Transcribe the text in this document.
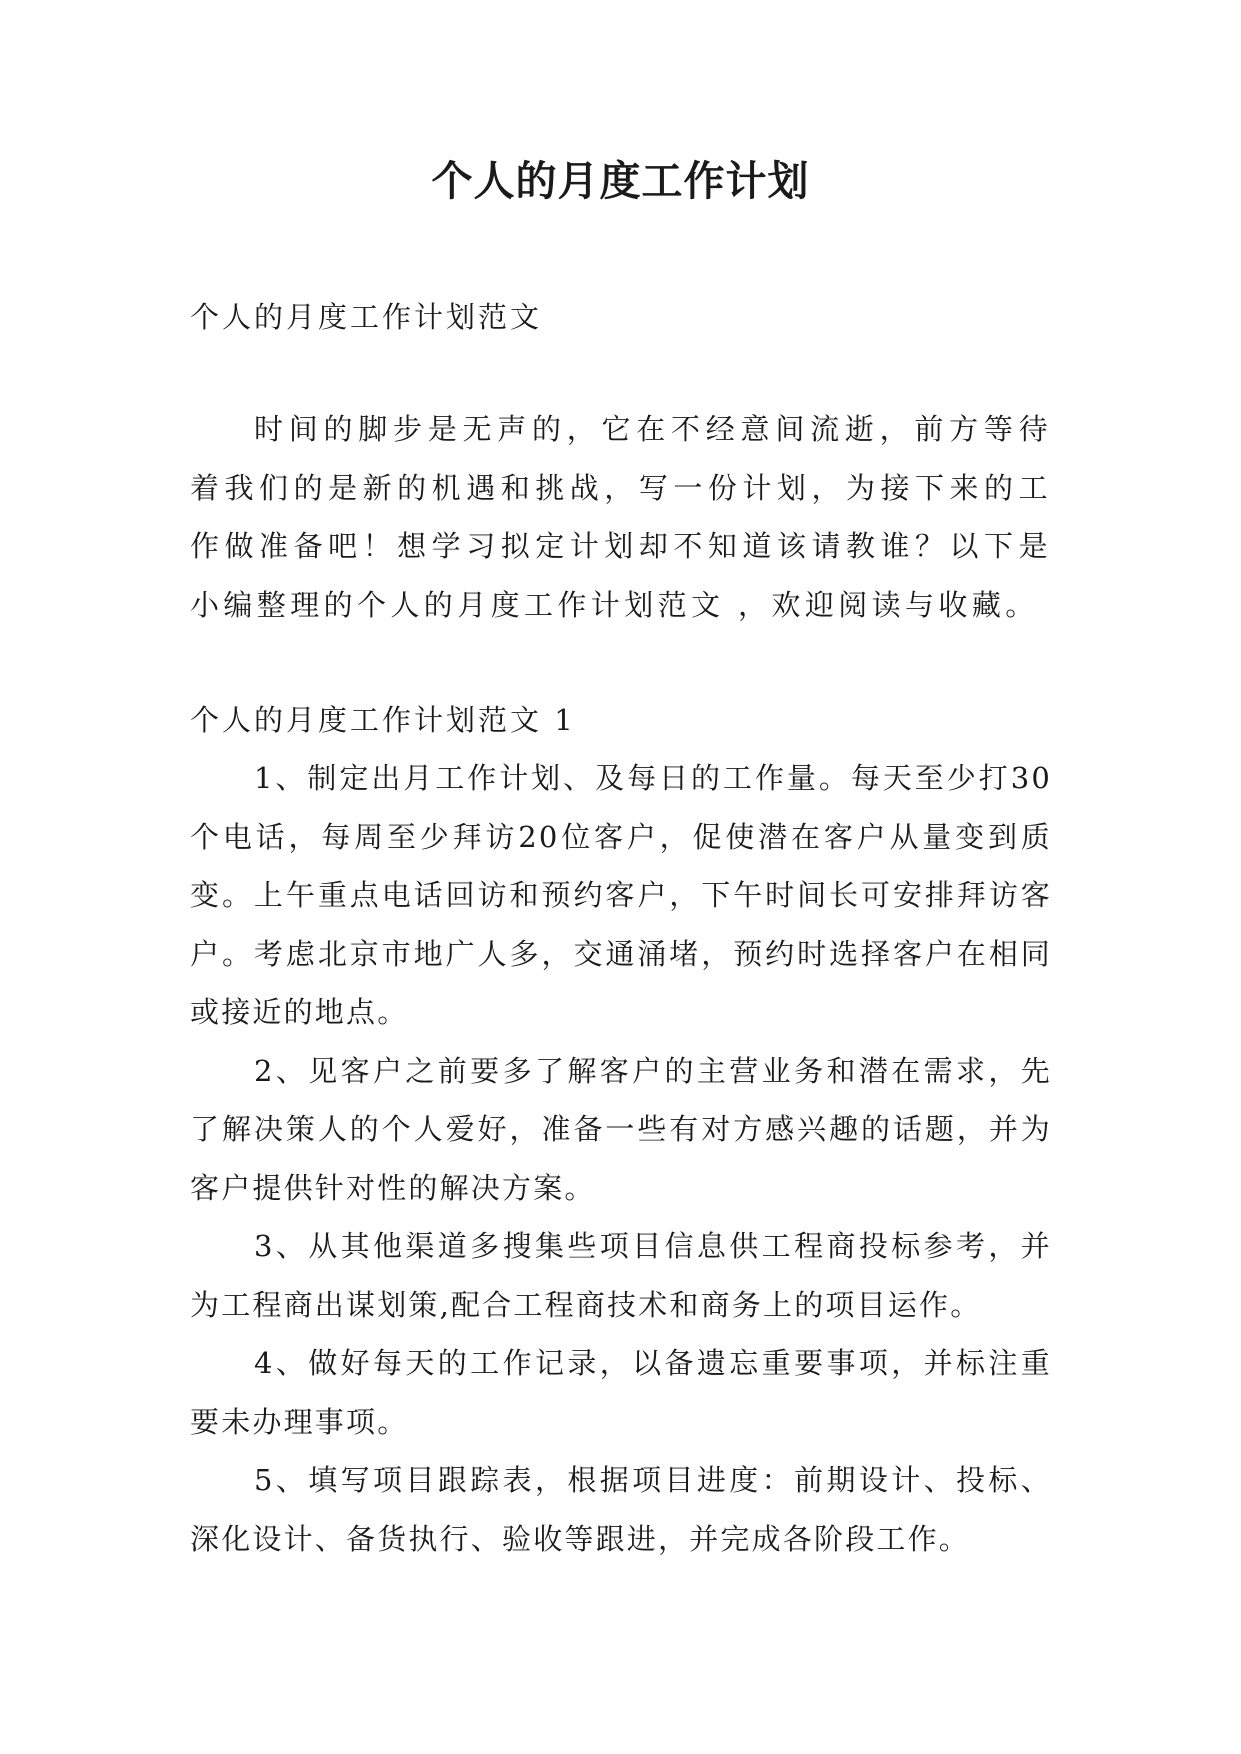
个人的月度工作计划

个人的月度工作计划范文

时间的脚步是无声的，它在不经意间流逝，前方等待着我们的是新的机遇和挑战，写一份计划，为接下来的工作做准备吧！想学习拟定计划却不知道该请教谁？以下是小编整理的个人的月度工作计划范文 ，欢迎阅读与收藏。

个人的月度工作计划范文 1

1、制定出月工作计划、及每日的工作量。每天至少打30个电话，每周至少拜访20位客户，促使潜在客户从量变到质变。上午重点电话回访和预约客户，下午时间长可安排拜访客户。考虑北京市地广人多，交通涌堵，预约时选择客户在相同或接近的地点。

2、见客户之前要多了解客户的主营业务和潜在需求，先了解决策人的个人爱好，准备一些有对方感兴趣的话题，并为客户提供针对性的解决方案。

3、从其他渠道多搜集些项目信息供工程商投标参考，并为工程商出谋划策,配合工程商技术和商务上的项目运作。

4、做好每天的工作记录，以备遗忘重要事项，并标注重要未办理事项。

5、填写项目跟踪表，根据项目进度：前期设计、投标、深化设计、备货执行、验收等跟进，并完成各阶段工作。
